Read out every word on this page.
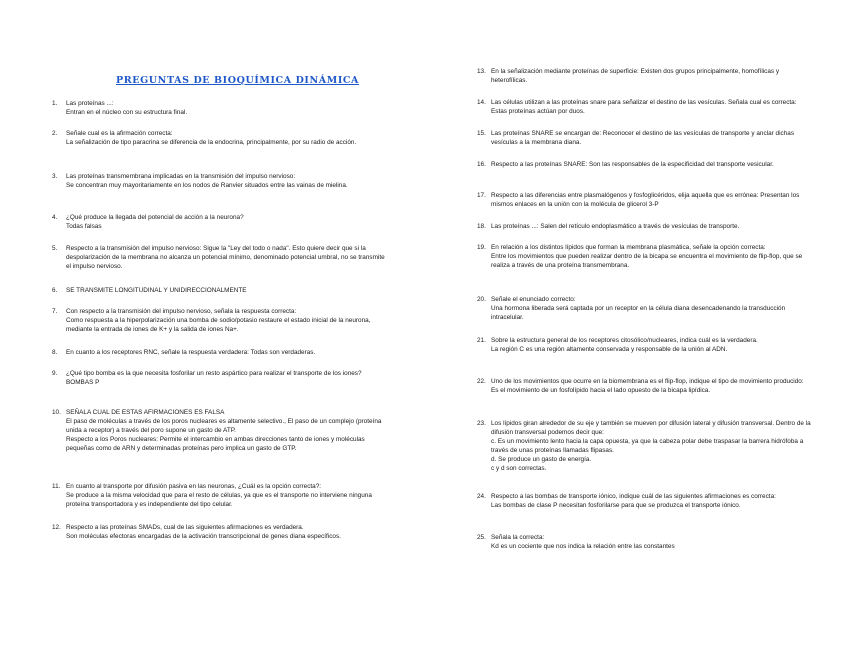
PREGUNTAS DE BIOQUÍMICA DINÁMICA
1. Las proteínas ...:
Entran en el núcleo con su estructura final.
2. Señale cual es la afirmación correcta:
La señalización de tipo paracrina se diferencia de la endocrina, principalmente, por su radio de acción.
3. Las proteínas transmembrana implicadas en la transmisión del impulso nervioso:
Se concentran muy mayoritariamente en los nodos de Ranvier situados entre las vainas de mielina.
4. ¿Qué produce la llegada del potencial de acción a la neurona?
Todas falsas
5. Respecto a la transmisión del impulso nervioso: Sigue la "Ley del todo o nada". Esto quiere decir que si la despolarización de la membrana no alcanza un potencial mínimo, denominado potencial umbral, no se transmite el impulso nervioso.
6. SE TRANSMITE LONGITUDINAL Y UNIDIRECCIONALMENTE
7. Con respecto a la transmisión del impulso nervioso, señala la respuesta correcta:
Como respuesta a la hiperpolarización una bomba de sodio/potasio restaure el estado inicial de la neurona, mediante la entrada de iones de K+ y la salida de iones Na+.
8. En cuanto a los receptores RNC, señale la respuesta verdadera: Todas son verdaderas.
9. ¿Qué tipo bomba es la que necesita fosforilar un resto aspártico para realizar el transporte de los iones?
BOMBAS P
10. SEÑALA CUAL DE ESTAS AFIRMACIONES ES FALSA
El paso de moléculas a través de los poros nucleares es altamente selectivo., El paso de un complejo (proteína unida a receptor) a través del poro supone un gasto de ATP.
Respecto a los Poros nucleares: Permite el intercambio en ambas direcciones tanto de iones y moléculas pequeñas como de ARN y determinadas proteínas pero implica un gasto de GTP.
11. En cuanto al transporte por difusión pasiva en las neuronas, ¿Cuál es la opción correcta?:
Se produce a la misma velocidad que para el resto de células, ya que es el transporte no interviene ninguna proteína transportadora y es independiente del tipo celular.
12. Respecto a las proteínas SMADs, cual de las siguientes afirmaciones es verdadera.
Son moléculas efectoras encargadas de la activación transcripcional de genes diana específicos.
13. En la señalización mediante proteínas de superficie: Existen dos grupos principalmente, homofílicas y heterofílicas.
14. Las células utilizan a las proteínas snare para señalizar el destino de las vesículas. Señala cual es correcta: Estas proteínas actúan por duos.
15. Las proteínas SNARE se encargan de: Reconocer el destino de las vesículas de transporte y anclar dichas vesículas a la membrana diana.
16. Respecto a las proteínas SNARE: Son las responsables de la especificidad del transporte vesicular.
17. Respecto a las diferencias entre plasmalógenos y fosfoglicéridos, elija aquella que es errónea: Presentan los mismos enlaces en la unión con la molécula de glicerol 3-P
18. Las proteínas ...: Salen del retículo endoplasmático a través de vesículas de transporte.
19. En relación a los distintos lípidos que forman la membrana plasmática, señale la opción correcta:
Entre los movimientos que pueden realizar dentro de la bicapa se encuentra el movimiento de flip-flop, que se realiza a través de una proteína transmembrana.
20. Señale el enunciado correcto:
Una hormona liberada será captada por un receptor en la célula diana desencadenando la transducción intracelular.
21. Sobre la estructura general de los receptores citosólico/nucleares, indica cuál es la verdadera.
La región C es una región altamente conservada y responsable de la unión al ADN.
22. Uno de los movimientos que ocurre en la biomembrana es el flip-flop, indique el tipo de movimiento producido:
Es el movimiento de un fosfolípido hacia el lado opuesto de la bicapa lipídica.
23. Los lípidos giran alrededor de su eje y también se mueven por difusión lateral y difusión transversal. Dentro de la difusión transversal podemos decir que:
c. Es un movimiento lento hacia la capa opuesta, ya que la cabeza polar debe traspasar la barrera hidrófoba a través de unas proteínas llamadas flipasas.
d. Se produce un gasto de energía.
c y d son correctas.
24. Respecto a las bombas de transporte iónico, indique cuál de las siguientes afirmaciones es correcta:
Las bombas de clase P necesitan fosforilarse para que se produzca el transporte iónico.
25. Señala la correcta:
Kd es un cociente que nos indica la relación entre las constantes
